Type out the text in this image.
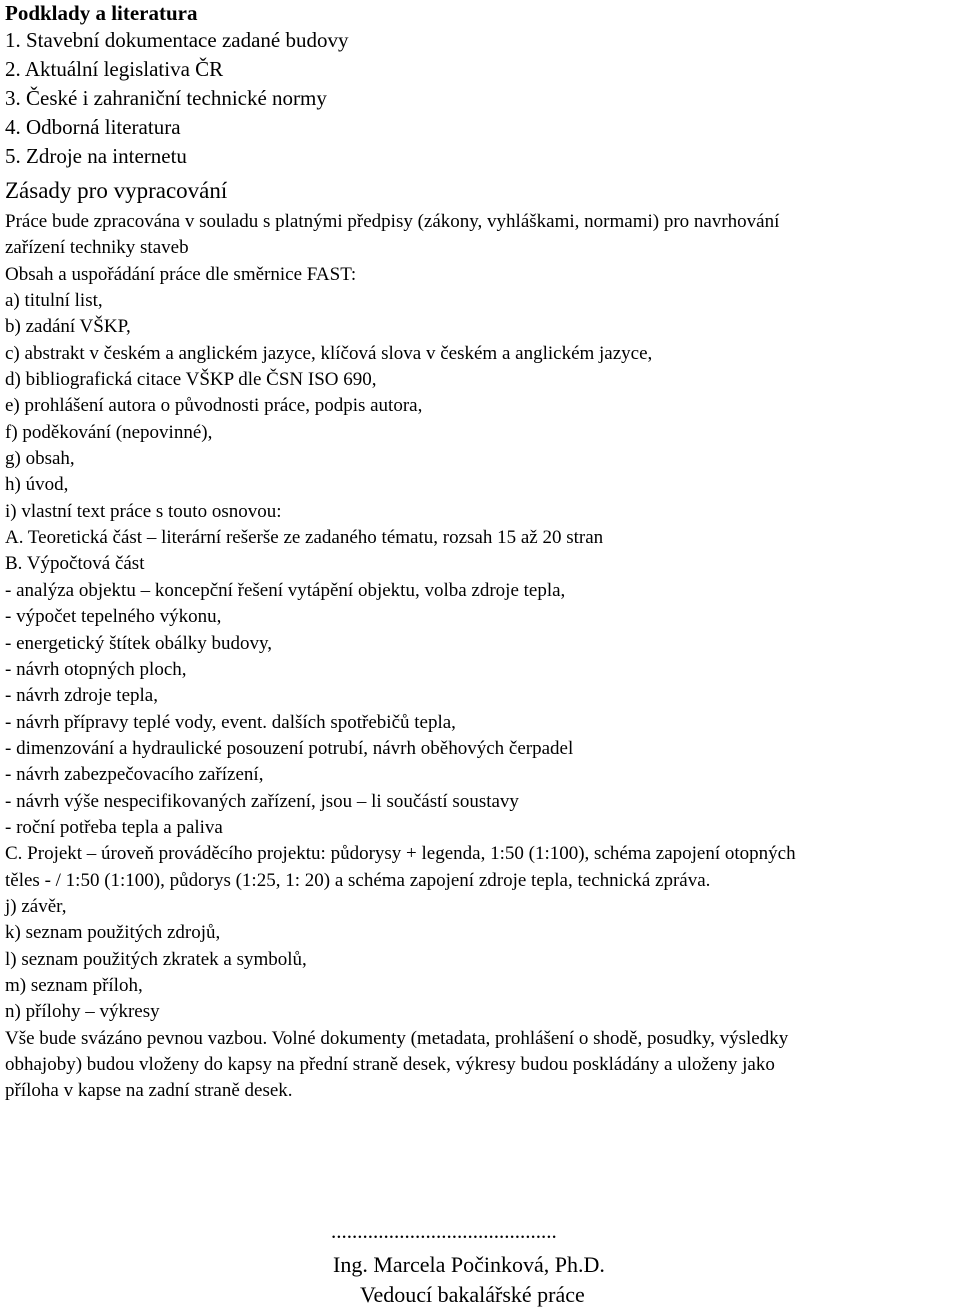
Podklady a literatura
1. Stavební dokumentace zadané budovy
2. Aktuální legislativa ČR
3. České i zahraniční technické normy
4. Odborná literatura
5. Zdroje na internetu
Zásady pro vypracování
Práce bude zpracována v souladu s platnými předpisy (zákony, vyhláškami, normami) pro navrhování
zařízení techniky staveb
Obsah a uspořádání práce dle směrnice FAST:
a) titulní list,
b) zadání VŠKP,
c) abstrakt v českém a anglickém jazyce, klíčová slova v českém a anglickém jazyce,
d) bibliografická citace VŠKP dle ČSN ISO 690,
e) prohlášení autora o původnosti práce, podpis autora,
f) poděkování (nepovinné),
g) obsah,
h) úvod,
i) vlastní text práce s touto osnovou:
A. Teoretická část – literární rešerše ze zadaného tématu, rozsah 15 až 20 stran
B. Výpočtová část
- analýza objektu – koncepční řešení vytápění objektu, volba zdroje tepla,
- výpočet tepelného výkonu,
- energetický štítek obálky budovy,
- návrh otopných ploch,
- návrh zdroje tepla,
- návrh přípravy teplé vody, event. dalších spotřebičů tepla,
- dimenzování a hydraulické posouzení potrubí, návrh oběhových čerpadel
- návrh zabezpečovacího zařízení,
- návrh výše nespecifikovaných zařízení, jsou – li součástí soustavy
- roční potřeba tepla a paliva
C. Projekt – úroveň prováděcího projektu: půdorysy + legenda, 1:50 (1:100), schéma zapojení otopných
těles - / 1:50 (1:100), půdorys (1:25, 1: 20) a schéma zapojení zdroje tepla, technická zpráva.
j) závěr,
k) seznam použitých zdrojů,
l) seznam použitých zkratek a symbolů,
m) seznam příloh,
n) přílohy – výkresy
Vše bude svázáno pevnou vazbou. Volné dokumenty (metadata, prohlášení o shodě, posudky, výsledky
obhajoby) budou vloženy do kapsy na přední straně desek, výkresy budou poskládány a uloženy jako
příloha v kapse na zadní straně desek.
...........................................
Ing. Marcela Počinková, Ph.D.
Vedoucí bakalářské práce
